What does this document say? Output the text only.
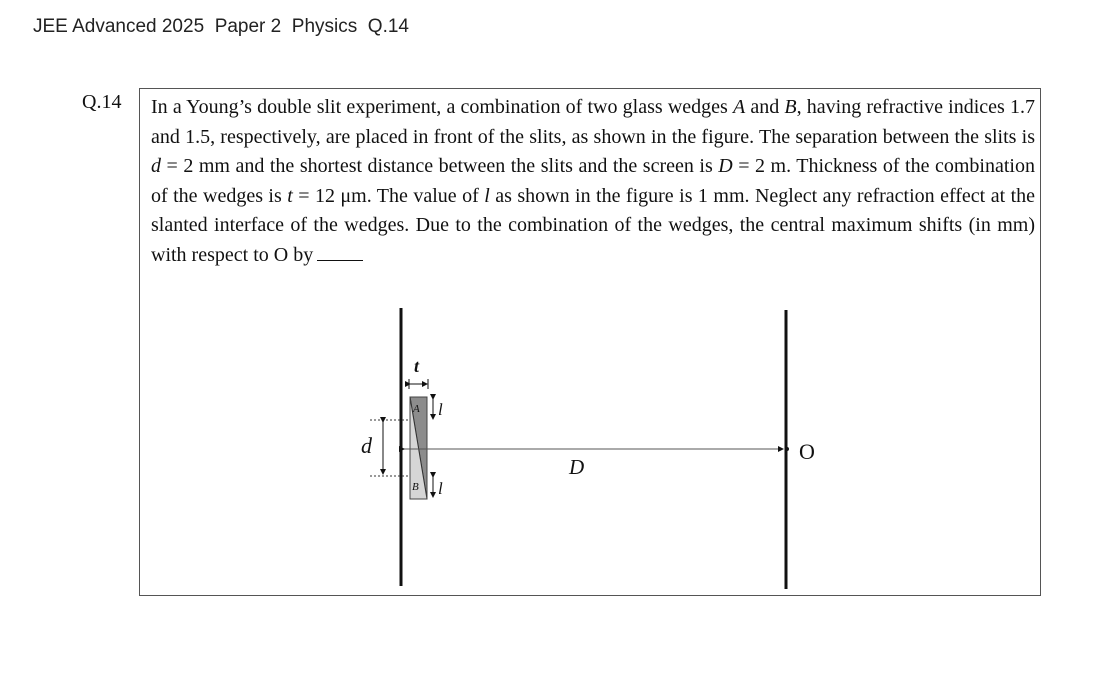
JEE Advanced 2025  Paper 2  Physics  Q.14
Q.14 In a Young’s double slit experiment, a combination of two glass wedges A and B, having refractive indices 1.7 and 1.5, respectively, are placed in front of the slits, as shown in the figure. The separation between the slits is d = 2 mm and the shortest distance between the slits and the screen is D = 2 m. Thickness of the combination of the wedges is t = 12 μm. The value of l as shown in the figure is 1 mm. Neglect any refraction effect at the slanted interface of the wedges. Due to the combination of the wedges, the central maximum shifts (in mm) with respect to O by
A
B
t
l
l
d
D
O
